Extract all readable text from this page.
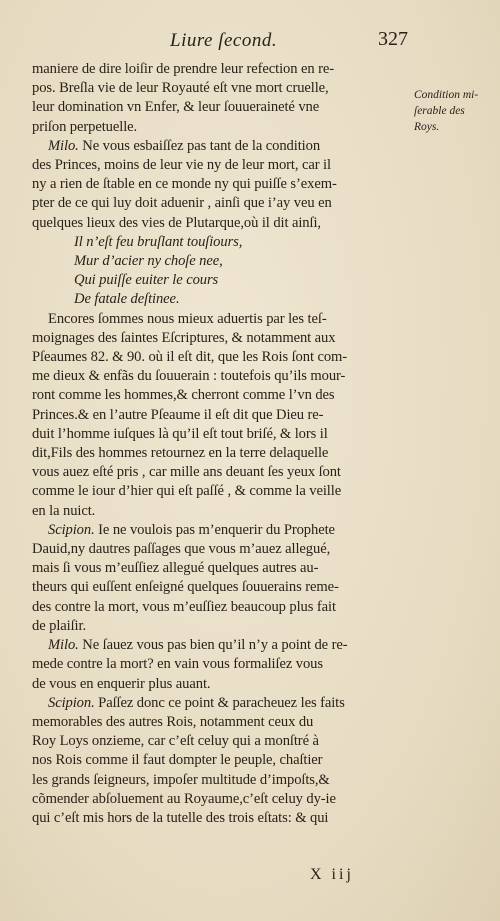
Liure ſecond.	327
maniere de dire loiſir de prendre leur refection en re-
pos. Breſla vie de leur Royauté eſt vne mort cruelle,
leur domination vn Enfer, & leur ſouueraineté vne
priſon perpetuelle.
Milo. Ne vous esbaiſſez pas tant de la condition
des Princes, moins de leur vie ny de leur mort, car il
ny a rien de ſtable en ce monde ny qui puiſſe s’exem-
pter de ce qui luy doit aduenir , ainſi que i’ay veu en
quelques lieux des vies de Plutarque,où il dit ainſi,
Il n’eſt feu bruſlant touſiours,
Mur d’acier ny choſe nee,
Qui puiſſe euiter le cours
De fatale deſtinee.
Encores ſommes nous mieux aduertis par les teſ-
moignages des ſaintes Eſcriptures, & notamment aux
Pſeaumes 82. & 90. où il eſt dit, que les Rois ſont com-
me dieux & enfãs du ſouuerain : toutefois qu’ils mour-
ront comme les hommes,& cherront comme l’vn des
Princes.& en l’autre Pſeaume il eſt dit que Dieu re-
duit l’homme iuſques là qu’il eſt tout briſé, & lors il
dit,Fils des hommes retournez en la terre delaquelle
vous auez eſté pris , car mille ans deuant ſes yeux ſont
comme le iour d’hier qui eſt paſſé , & comme la veille
en la nuict.
Scipion. Ie ne voulois pas m’enquerir du Prophete
Dauid,ny dautres paſſages que vous m’auez allegué,
mais ſi vous m’euſſiez allegué quelques autres au-
theurs qui euſſent enſeigné quelques ſouuerains reme-
des contre la mort, vous m’euſſiez beaucoup plus fait
de plaiſir.
Milo. Ne ſauez vous pas bien qu’il n’y a point de re-
mede contre la mort? en vain vous formaliſez vous
de vous en enquerir plus auant.
Scipion. Paſſez donc ce point & paracheuez les faits
memorables des autres Rois, notamment ceux du
Roy Loys onzieme, car c’eſt celuy qui a monſtré à
nos Rois comme il faut dompter le peuple, chaſtier
les grands ſeigneurs, impoſer multitude d’impoſts,&
cõmender abſoluement au Royaume,c’eſt celuy dy-ie
qui c’eſt mis hors de la tutelle des trois eſtats: & qui
Condition mi-
ſerable des
Roys.
X iij
